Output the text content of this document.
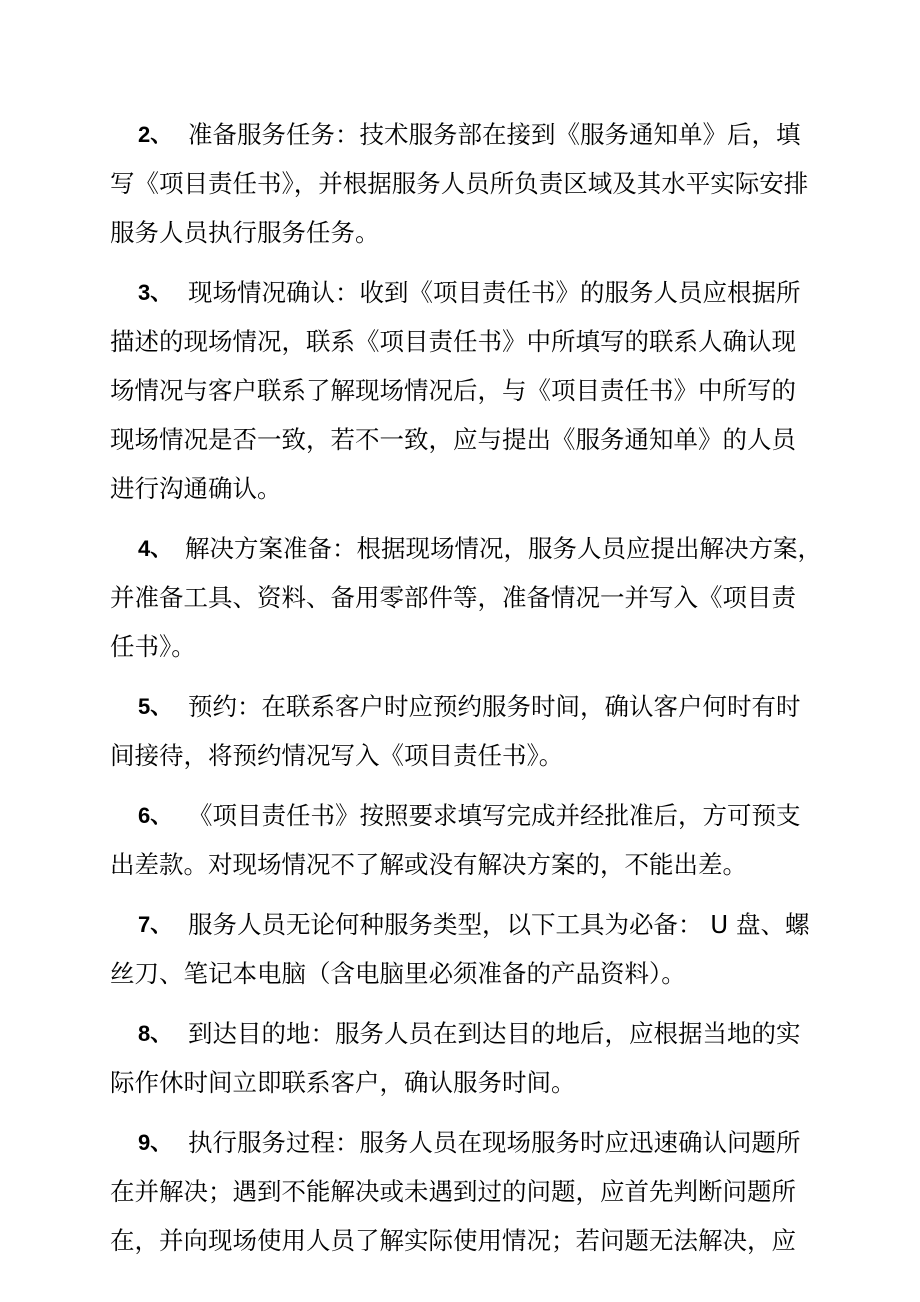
2、 准备服务任务：技术服务部在接到《服务通知单》后，填
写《项目责任书》，并根据服务人员所负责区域及其水平实际安排
服务人员执行服务任务。
3、 现场情况确认：收到《项目责任书》的服务人员应根据所
描述的现场情况，联系《项目责任书》中所填写的联系人确认现
场情况与客户联系了解现场情况后，与《项目责任书》中所写的
现场情况是否一致，若不一致，应与提出《服务通知单》的人员
进行沟通确认。
4、 解决方案准备：根据现场情况，服务人员应提出解决方案，
并准备工具、资料、备用零部件等，准备情况一并写入《项目责
任书》。
5、 预约：在联系客户时应预约服务时间，确认客户何时有时
间接待，将预约情况写入《项目责任书》。
6、 《项目责任书》按照要求填写完成并经批准后，方可预支
出差款。对现场情况不了解或没有解决方案的，不能出差。
7、 服务人员无论何种服务类型，以下工具为必备： U 盘、螺
丝刀、笔记本电脑（含电脑里必须准备的产品资料）。
8、 到达目的地：服务人员在到达目的地后，应根据当地的实
际作休时间立即联系客户，确认服务时间。
9、 执行服务过程：服务人员在现场服务时应迅速确认问题所
在并解决；遇到不能解决或未遇到过的问题，应首先判断问题所
在，并向现场使用人员了解实际使用情况；若问题无法解决，应
